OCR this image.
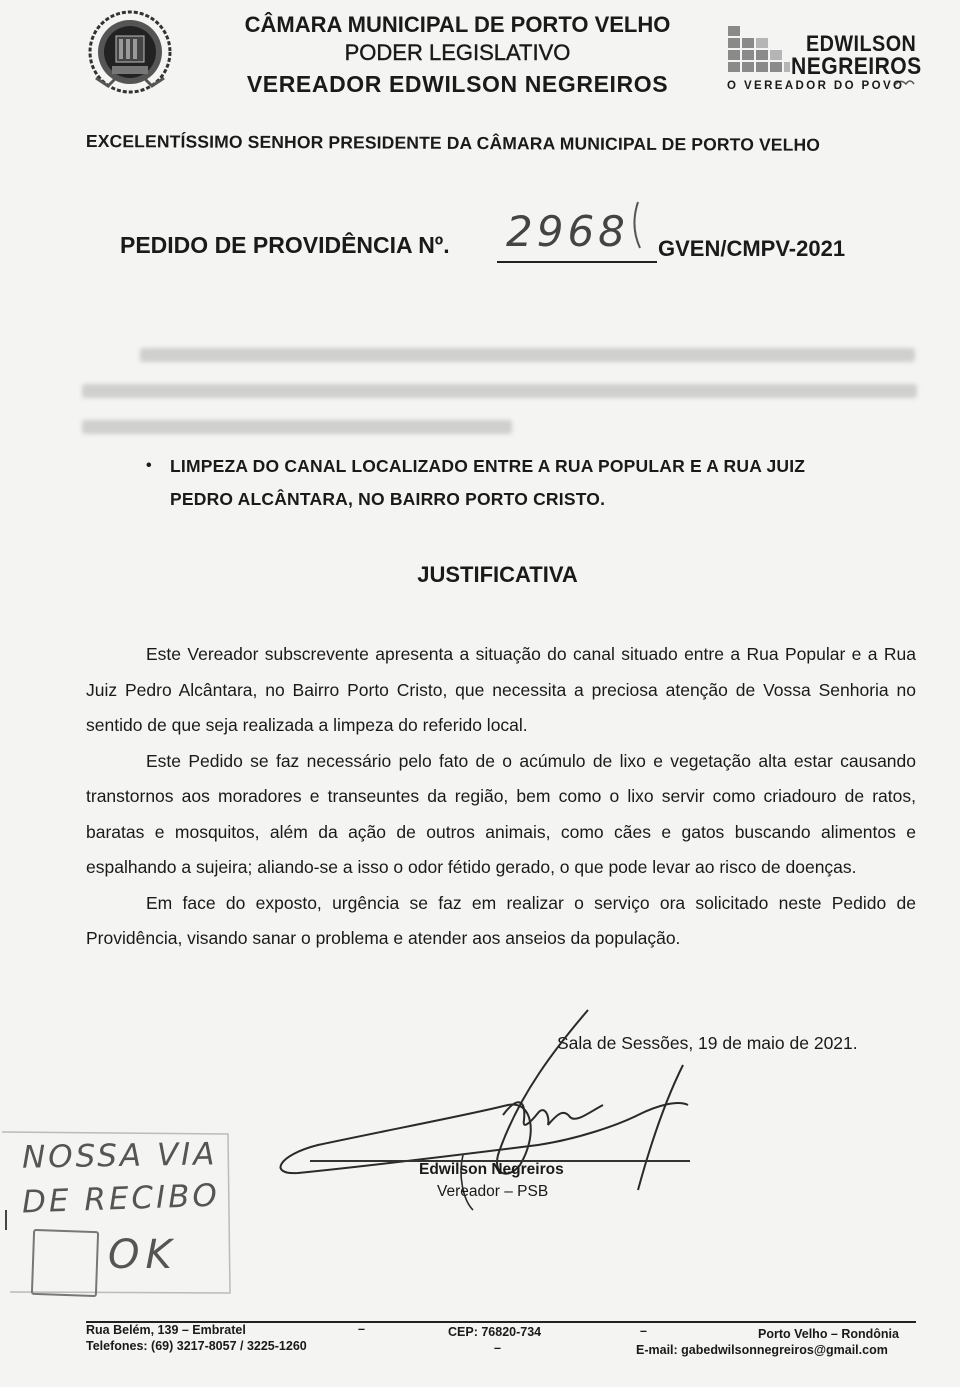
CÂMARA MUNICIPAL DE PORTO VELHO
PODER LEGISLATIVO
VEREADOR EDWILSON NEGREIROS
EDWILSON
NEGREIROS
O VEREADOR DO POVO
EXCELENTÍSSIMO SENHOR PRESIDENTE DA CÂMARA MUNICIPAL DE PORTO VELHO
PEDIDO DE PROVIDÊNCIA Nº. 2968 GVEN/CMPV-2021
• LIMPEZA DO CANAL LOCALIZADO ENTRE A RUA POPULAR E A RUA JUIZ
PEDRO ALCÂNTARA, NO BAIRRO PORTO CRISTO.
JUSTIFICATIVA

Este Vereador subscrevente apresenta a situação do canal situado entre a Rua Popular e a Rua Juiz Pedro Alcântara, no Bairro Porto Cristo, que necessita a preciosa atenção de Vossa Senhoria no sentido de que seja realizada a limpeza do referido local.

Este Pedido se faz necessário pelo fato de o acúmulo de lixo e vegetação alta estar causando transtornos aos moradores e transeuntes da região, bem como o lixo servir como criadouro de ratos, baratas e mosquitos, além da ação de outros animais, como cães e gatos buscando alimentos e espalhando a sujeira; aliando-se a isso o odor fétido gerado, o que pode levar ao risco de doenças.

Em face do exposto, urgência se faz em realizar o serviço ora solicitado neste Pedido de Providência, visando sanar o problema e atender aos anseios da população.

Sala de Sessões, 19 de maio de 2021.
Edwilson Negreiros
Vereador – PSB
NOSSA VIA
DE RECIBO
OK
Rua Belém, 139 – Embratel
Telefones: (69) 3217-8057 / 3225-1260
–	CEP: 76820-734
–
–	Porto Velho – Rondônia
E-mail: gabedwilsonnegreiros@gmail.com
